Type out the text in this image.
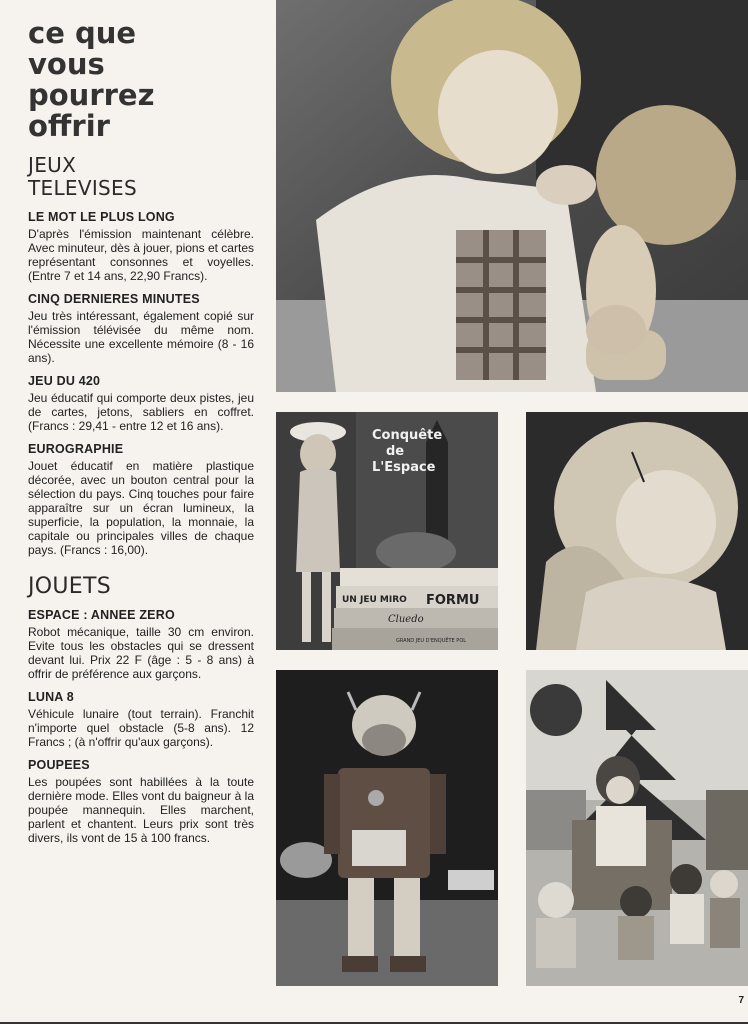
ce que
vous
pourrez
offrir
JEUX
TELEVISES

LE MOT LE PLUS LONG

D'après l'émission maintenant célèbre. Avec minuteur, dès à jouer, pions et cartes représentant consonnes et voyelles. (Entre 7 et 14 ans, 22,90 Francs).

CINQ DERNIERES MINUTES

Jeu très intéressant, également copié sur l'émission télévisée du même nom. Nécessite une excellente mémoire (8 - 16 ans).

JEU DU 420

Jeu éducatif qui comporte deux pistes, jeu de cartes, jetons, sabliers en coffret. (Francs : 29,41 - entre 12 et 16 ans).

EUROGRAPHIE

Jouet éducatif en matière plastique décorée, avec un bouton central pour la sélection du pays. Cinq touches pour faire apparaître sur un écran lumineux, la superficie, la population, la monnaie, la capitale ou principales villes de chaque pays. (Francs : 16,00).

JOUETS

ESPACE : ANNEE ZERO

Robot mécanique, taille 30 cm environ. Evite tous les obstacles qui se dressent devant lui. Prix 22 F (âge : 5 - 8 ans) à offrir de préférence aux garçons.

LUNA 8

Véhicule lunaire (tout terrain). Franchit n'importe quel obstacle (5-8 ans). 12 Francs ; (à n'offrir qu'aux garçons).

POUPEES

Les poupées sont habillées à la toute dernière mode. Elles vont du baigneur à la poupée mannequin. Elles marchent, parlent et chantent. Leurs prix sont très divers, ils vont de 15 à 100 francs.

Conquête
de
L'Espace
UN JEU MIRO FORMU
Cluedo
GRAND JEU D'ENQUÊTE POL
7
